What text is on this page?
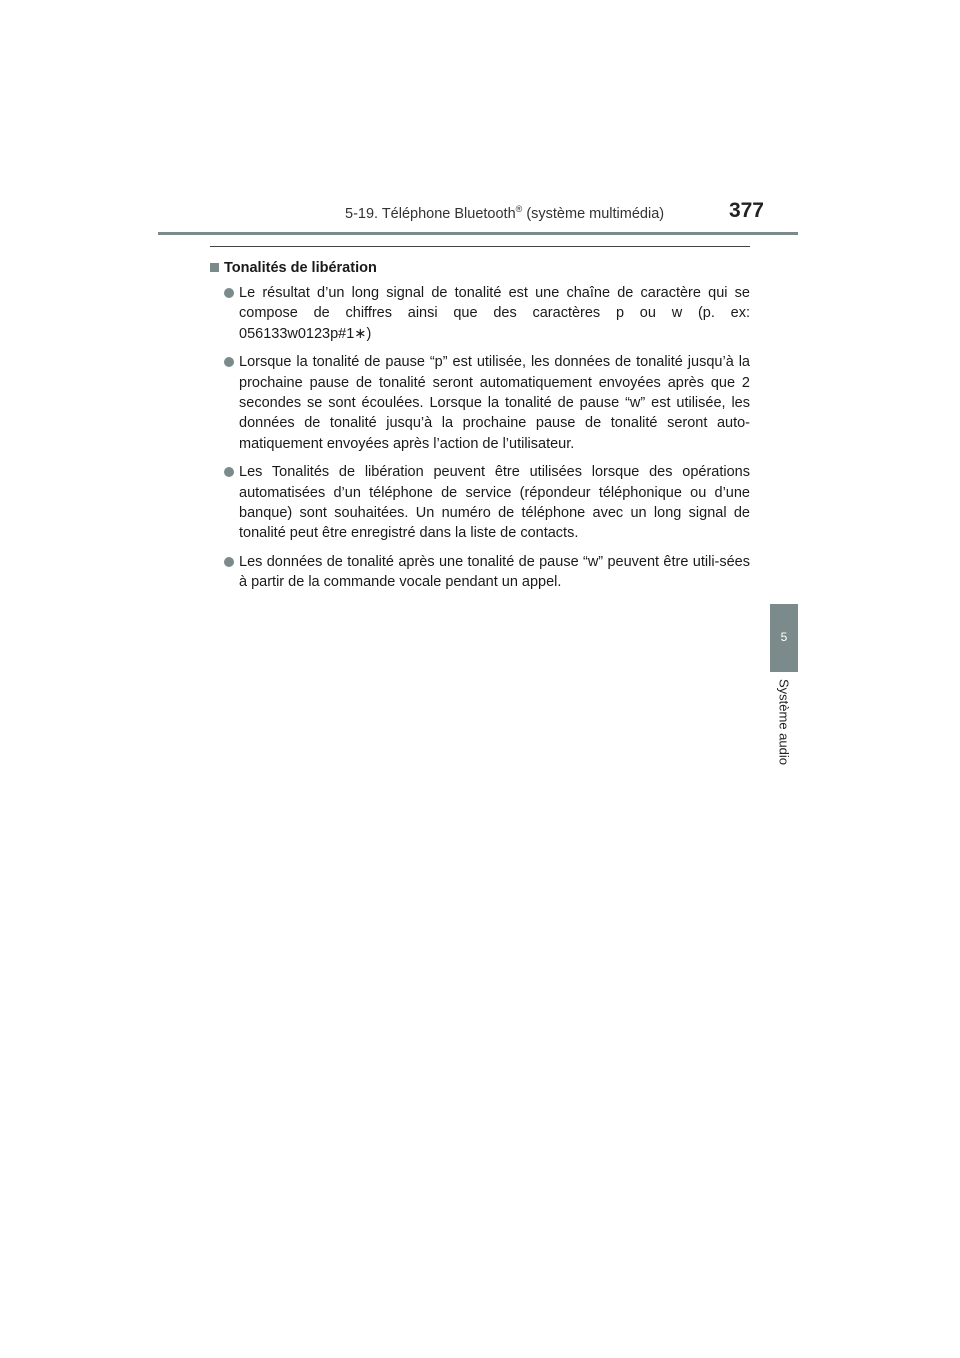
5-19. Téléphone Bluetooth® (système multimédia)	377
5
Système audio
Tonalités de libération
Le résultat d’un long signal de tonalité est une chaîne de caractère qui se compose de chiffres ainsi que des caractères p ou w (p. ex: 056133w0123p#1∗)
Lorsque la tonalité de pause “p” est utilisée, les données de tonalité jusqu’à la prochaine pause de tonalité seront automatiquement envoyées après que 2 secondes se sont écoulées. Lorsque la tonalité de pause “w” est utilisée, les données de tonalité jusqu’à la prochaine pause de tonalité seront auto-matiquement envoyées après l’action de l’utilisateur.
Les Tonalités de libération peuvent être utilisées lorsque des opérations automatisées d’un téléphone de service (répondeur téléphonique ou d’une banque) sont souhaitées. Un numéro de téléphone avec un long signal de tonalité peut être enregistré dans la liste de contacts.
Les données de tonalité après une tonalité de pause “w” peuvent être utili-sées à partir de la commande vocale pendant un appel.
